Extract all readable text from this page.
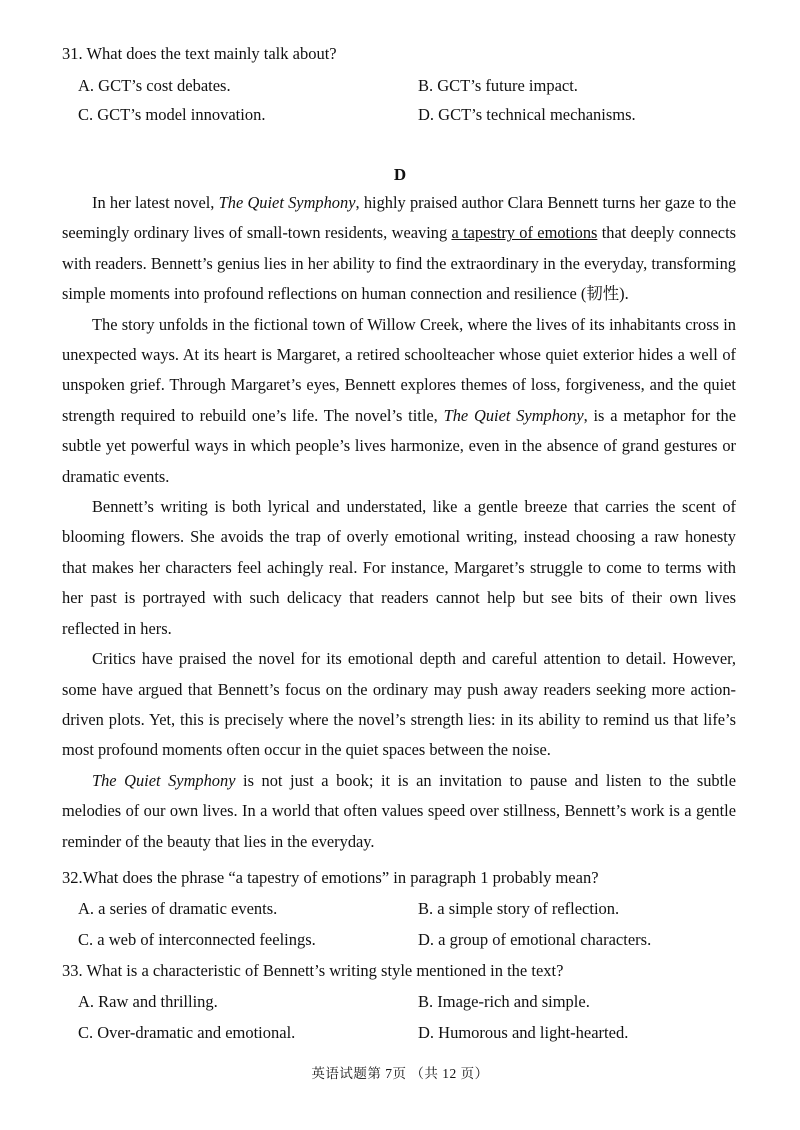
31. What does the text mainly talk about?
A. GCT’s cost debates.	B. GCT’s future impact.
C. GCT’s model innovation.	D. GCT’s technical mechanisms.
D

In her latest novel, The Quiet Symphony, highly praised author Clara Bennett turns her gaze to the seemingly ordinary lives of small-town residents, weaving a tapestry of emotions that deeply connects with readers. Bennett’s genius lies in her ability to find the extraordinary in the everyday, transforming simple moments into profound reflections on human connection and resilience (韧性).

The story unfolds in the fictional town of Willow Creek, where the lives of its inhabitants cross in unexpected ways. At its heart is Margaret, a retired schoolteacher whose quiet exterior hides a well of unspoken grief. Through Margaret’s eyes, Bennett explores themes of loss, forgiveness, and the quiet strength required to rebuild one’s life. The novel’s title, The Quiet Symphony, is a metaphor for the subtle yet powerful ways in which people’s lives harmonize, even in the absence of grand gestures or dramatic events.

Bennett’s writing is both lyrical and understated, like a gentle breeze that carries the scent of blooming flowers. She avoids the trap of overly emotional writing, instead choosing a raw honesty that makes her characters feel achingly real. For instance, Margaret’s struggle to come to terms with her past is portrayed with such delicacy that readers cannot help but see bits of their own lives reflected in hers.

Critics have praised the novel for its emotional depth and careful attention to detail. However, some have argued that Bennett’s focus on the ordinary may push away readers seeking more action-driven plots. Yet, this is precisely where the novel’s strength lies: in its ability to remind us that life’s most profound moments often occur in the quiet spaces between the noise.

The Quiet Symphony is not just a book; it is an invitation to pause and listen to the subtle melodies of our own lives. In a world that often values speed over stillness, Bennett’s work is a gentle reminder of the beauty that lies in the everyday.

32.What does the phrase “a tapestry of emotions” in paragraph 1 probably mean?
A. a series of dramatic events.	B. a simple story of reflection.
C. a web of interconnected feelings.	D. a group of emotional characters.
33. What is a characteristic of Bennett’s writing style mentioned in the text?
A. Raw and thrilling.	B. Image-rich and simple.
C. Over-dramatic and emotional.	D. Humorous and light-hearted.
英语试题第 7页 （共 12 页）
